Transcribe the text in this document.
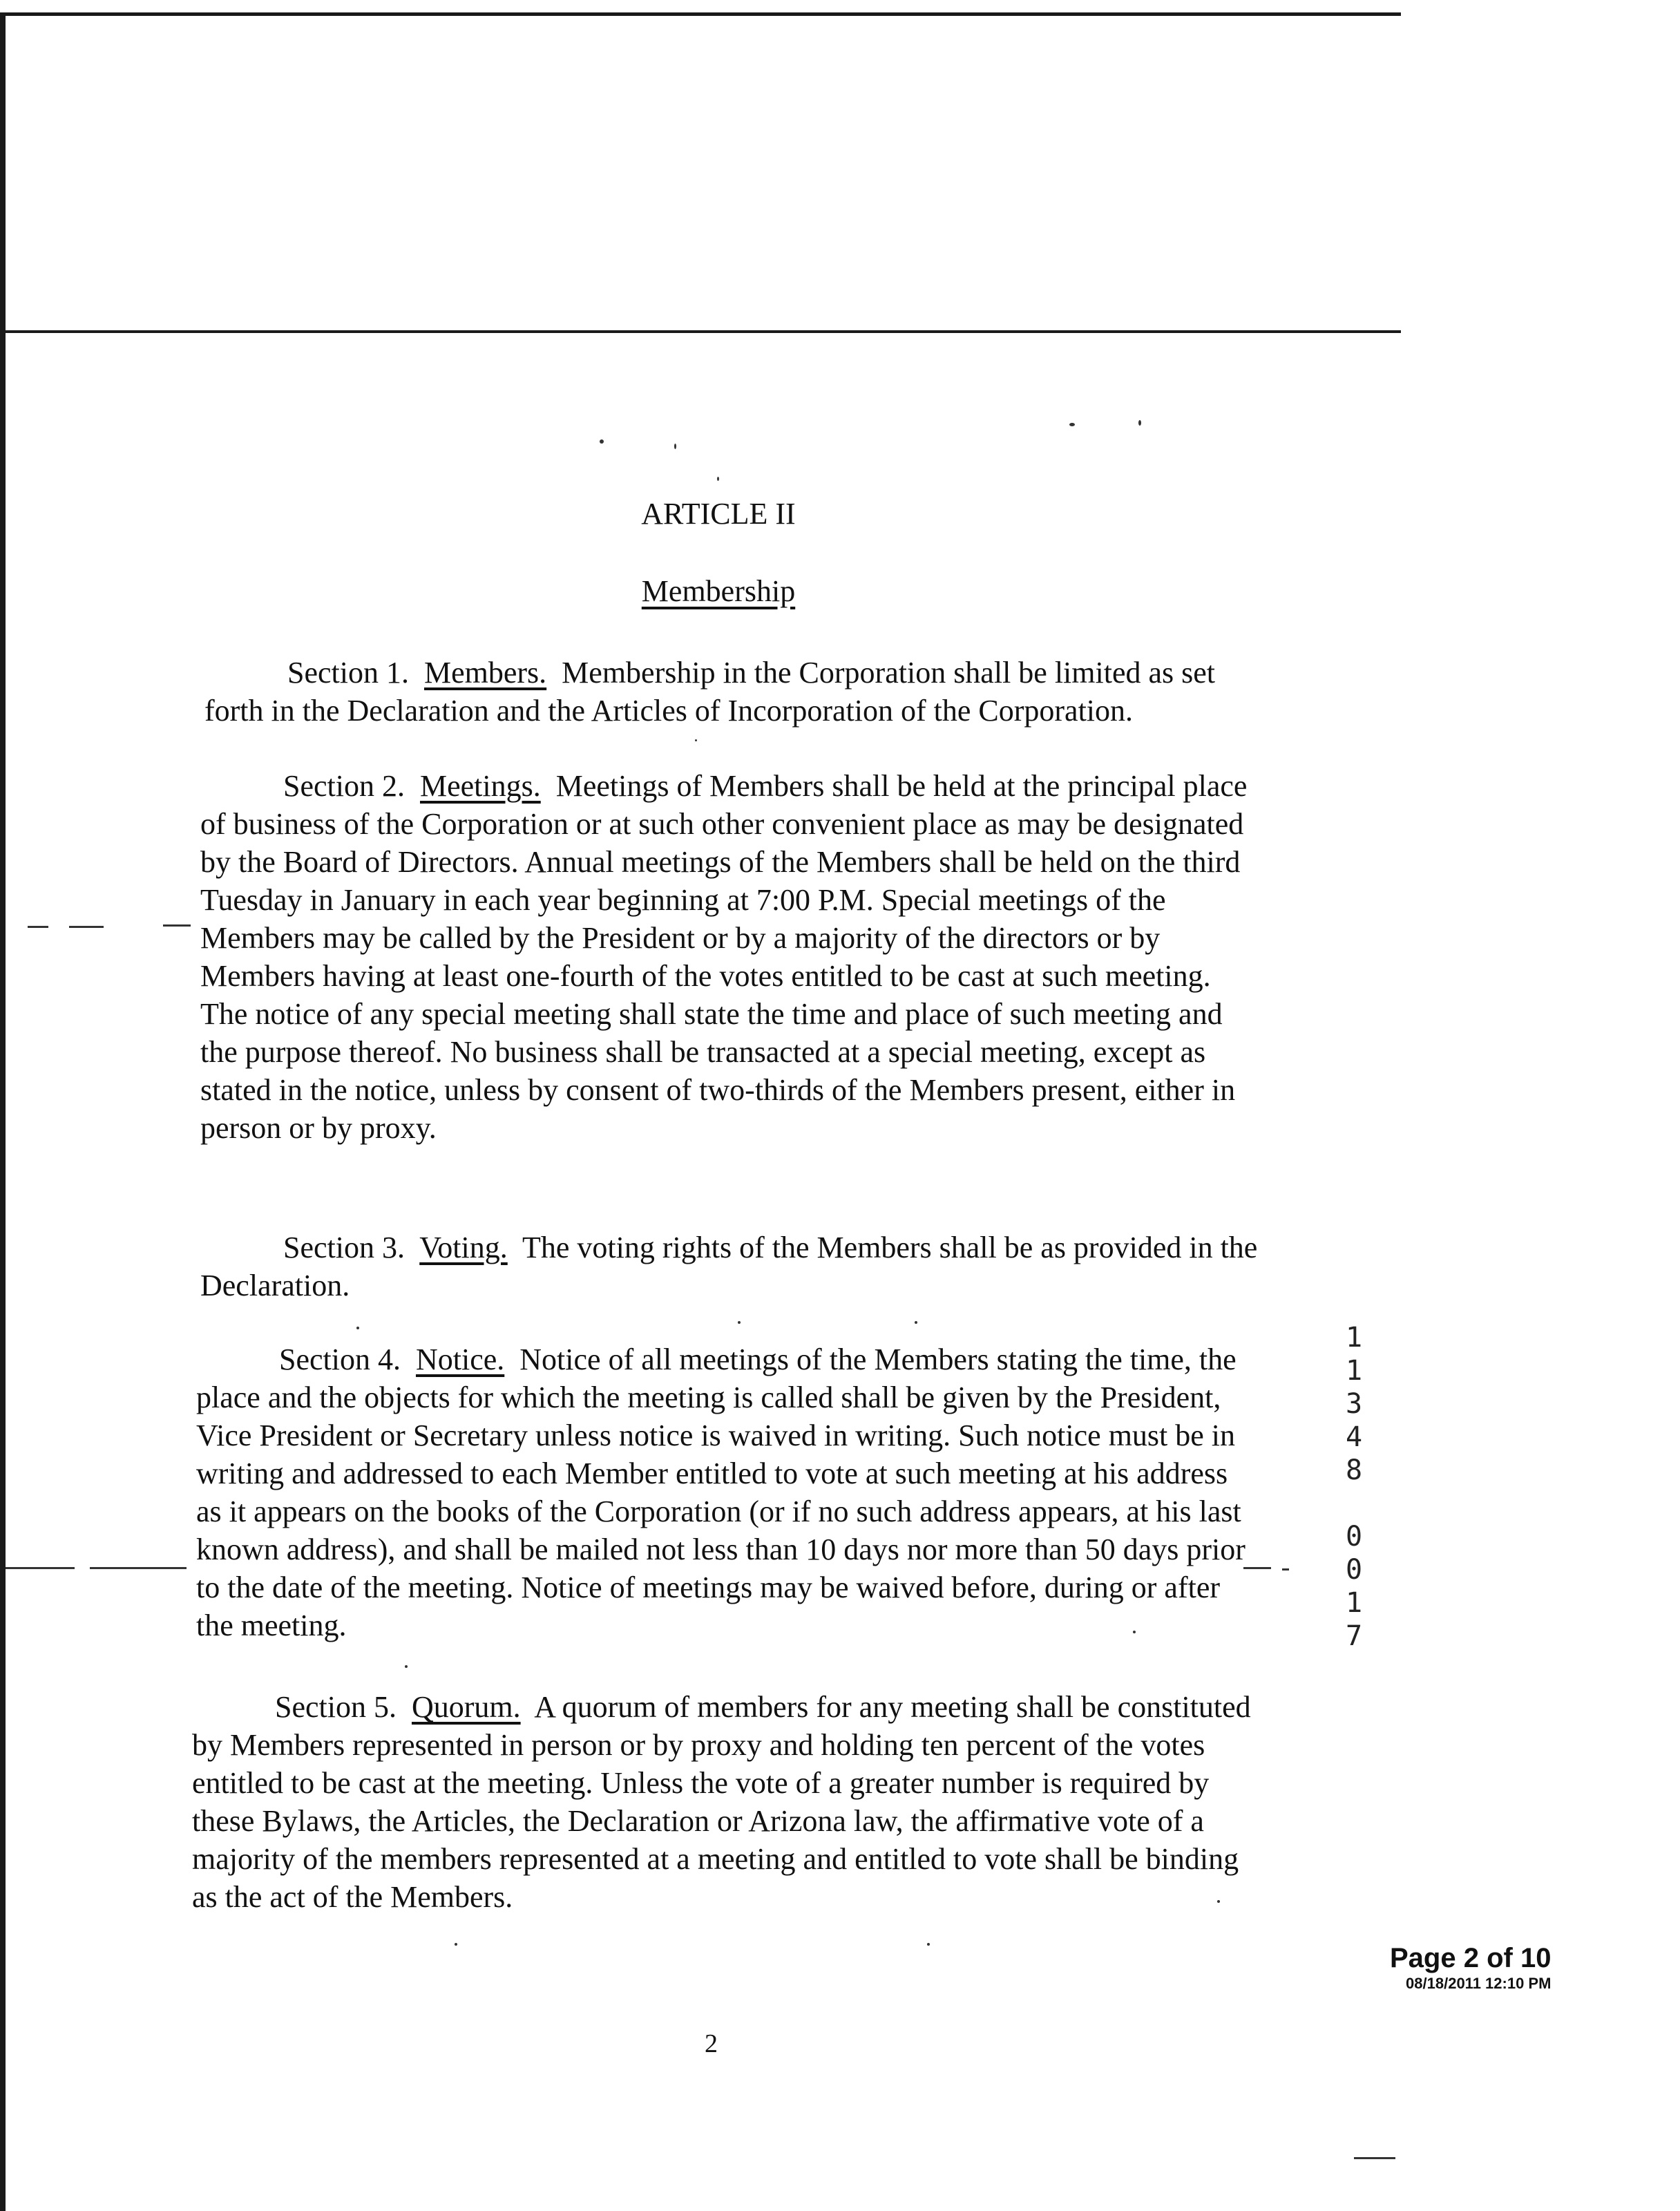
ARTICLE II
Membership

Section 1. Members. Membership in the Corporation shall be limited as set forth in the Declaration and the Articles of Incorporation of the Corporation.

Section 2. Meetings. Meetings of Members shall be held at the principal place of business of the Corporation or at such other convenient place as may be designated by the Board of Directors. Annual meetings of the Members shall be held on the third Tuesday in January in each year beginning at 7:00 P.M. Special meetings of the Members may be called by the President or by a majority of the directors or by Members having at least one-fourth of the votes entitled to be cast at such meeting. The notice of any special meeting shall state the time and place of such meeting and the purpose thereof. No business shall be transacted at a special meeting, except as stated in the notice, unless by consent of two-thirds of the Members present, either in person or by proxy.

Section 3. Voting. The voting rights of the Members shall be as provided in the Declaration.

Section 4. Notice. Notice of all meetings of the Members stating the time, the place and the objects for which the meeting is called shall be given by the President, Vice President or Secretary unless notice is waived in writing. Such notice must be in writing and addressed to each Member entitled to vote at such meeting at his address as it appears on the books of the Corporation (or if no such address appears, at his last known address), and shall be mailed not less than 10 days nor more than 50 days prior to the date of the meeting. Notice of meetings may be waived before, during or after the meeting.

Section 5. Quorum. A quorum of members for any meeting shall be constituted by Members represented in person or by proxy and holding ten percent of the votes entitled to be cast at the meeting. Unless the vote of a greater number is required by these Bylaws, the Articles, the Declaration or Arizona law, the affirmative vote of a majority of the members represented at a meeting and entitled to vote shall be binding as the act of the Members.

1
1
3
4
8
0
0
1
7
Page 2 of 10
08/18/2011 12:10 PM
2
